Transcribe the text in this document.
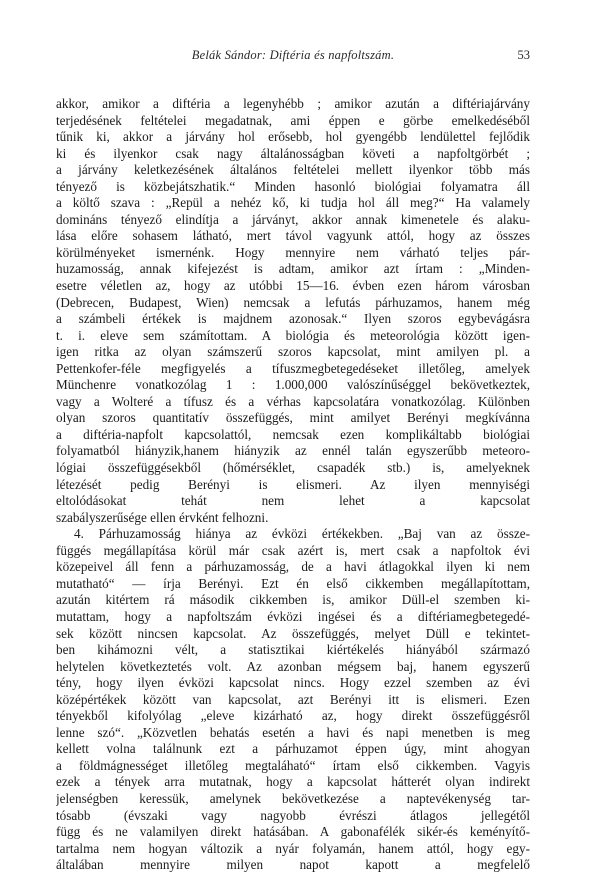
Belák Sándor: Diftéria és napfoltszám.	53
akkor, amikor a diftéria a legenyhébb ; amikor azután a diftériajárvány
terjedésének feltételei megadatnak, ami éppen e görbe emelkedéséből
tűnik ki, akkor a járvány hol erősebb, hol gyengébb lendülettel fejlődik
ki és ilyenkor csak nagy általánosságban követi a napfoltgörbét ;
a járvány keletkezésének általános feltételei mellett ilyenkor több más
tényező is közbejátszhatik.“ Minden hasonló biológiai folyamatra áll
a költő szava : „Repül a nehéz kő, ki tudja hol áll meg?“ Ha valamely
domináns tényező elindítja a járványt, akkor annak kimenetele és alaku-
lása előre sohasem látható, mert távol vagyunk attól, hogy az összes
körülményeket ismernénk. Hogy mennyire nem várható teljes pár-
huzamosság, annak kifejezést is adtam, amikor azt írtam : „Minden-
esetre véletlen az, hogy az utóbbi 15—16. évben ezen három városban
(Debrecen, Budapest, Wien) nemcsak a lefutás párhuzamos, hanem még
a számbeli értékek is majdnem azonosak.“ Ilyen szoros egybevágásra
t. i. eleve sem számítottam. A biológia és meteorológia között igen-
igen ritka az olyan számszerű szoros kapcsolat, mint amilyen pl. a
Pettenkofer-féle megfigyelés a tífuszmegbetegedéseket illetőleg, amelyek
Münchenre vonatkozólag 1 : 1.000,000 valószínűséggel bekövetkeztek,
vagy a Wolteré a tífusz és a vérhas kapcsolatára vonatkozólag. Különben
olyan szoros quantitatív összefüggés, mint amilyet Berényi megkívánna
a diftéria-napfolt kapcsolattól, nemcsak ezen komplikáltabb biológiai
folyamatból hiányzik,hanem hiányzik az ennél talán egyszerűbb meteoro-
lógiai összefüggésekből (hőmérséklet, csapadék stb.) is, amelyeknek
létezését pedig Berényi is elismeri. Az ilyen mennyiségi
eltolódásokat tehát nem lehet a kapcsolat
szabályszerűsége ellen érvként felhozni.
4. Párhuzamosság hiánya az évközi értékekben. „Baj van az össze-
függés megállapítása körül már csak azért is, mert csak a napfoltok évi
közepeivel áll fenn a párhuzamosság, de a havi átlagokkal ilyen ki nem
mutatható“ — írja Berényi. Ezt én első cikkemben megállapítottam,
azután kitértem rá második cikkemben is, amikor Düll-el szemben ki-
mutattam, hogy a napfoltszám évközi ingései és a diftériamegbetegedé-
sek között nincsen kapcsolat. Az összefüggés, melyet Düll e tekintet-
ben kihámozni vélt, a statisztikai kiértékelés hiányából származó
helytelen következtetés volt. Az azonban mégsem baj, hanem egyszerű
tény, hogy ilyen évközi kapcsolat nincs. Hogy ezzel szemben az évi
középértékek között van kapcsolat, azt Berényi itt is elismeri. Ezen
tényekből kifolyólag „eleve kizárható az, hogy direkt összefüggésről
lenne szó“. „Közvetlen behatás esetén a havi és napi menetben is meg
kellett volna találnunk ezt a párhuzamot éppen úgy, mint ahogyan
a földmágnességet illetőleg megtaláható“ írtam első cikkemben. Vagyis
ezek a tények arra mutatnak, hogy a kapcsolat hátterét olyan indirekt
jelenségben keressük, amelynek bekövetkezése a naptevékenység tar-
tósabb (évszaki vagy nagyobb évrészi átlagos jellegétől
függ és ne valamilyen direkt hatásában. A gabonafélék sikér-és keményítő-
tartalma nem hogyan változik a nyár folyamán, hanem attól, hogy egy-
általában mennyire milyen napot kapott a megfelelő
